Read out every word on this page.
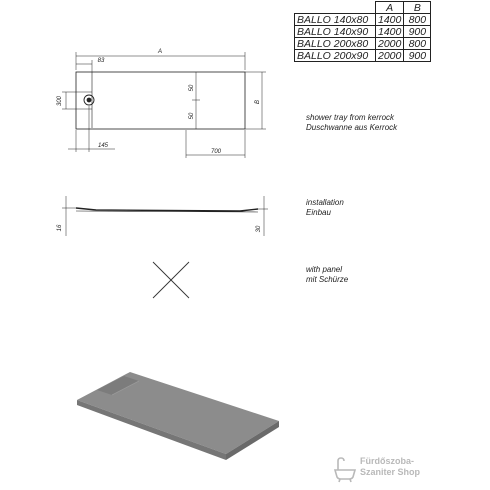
	A	B
BALLO 140x80	1400	800
BALLO 140x90	1400	900
BALLO 200x80	2000	800
BALLO 200x90	2000	900
A
83
300
50
50
B
145
700
16	30
shower tray from kerrock
Duschwanne aus Kerrock
installation
Einbau
with panel
mit Schürze
Fürdőszoba-
Szaniter Shop
